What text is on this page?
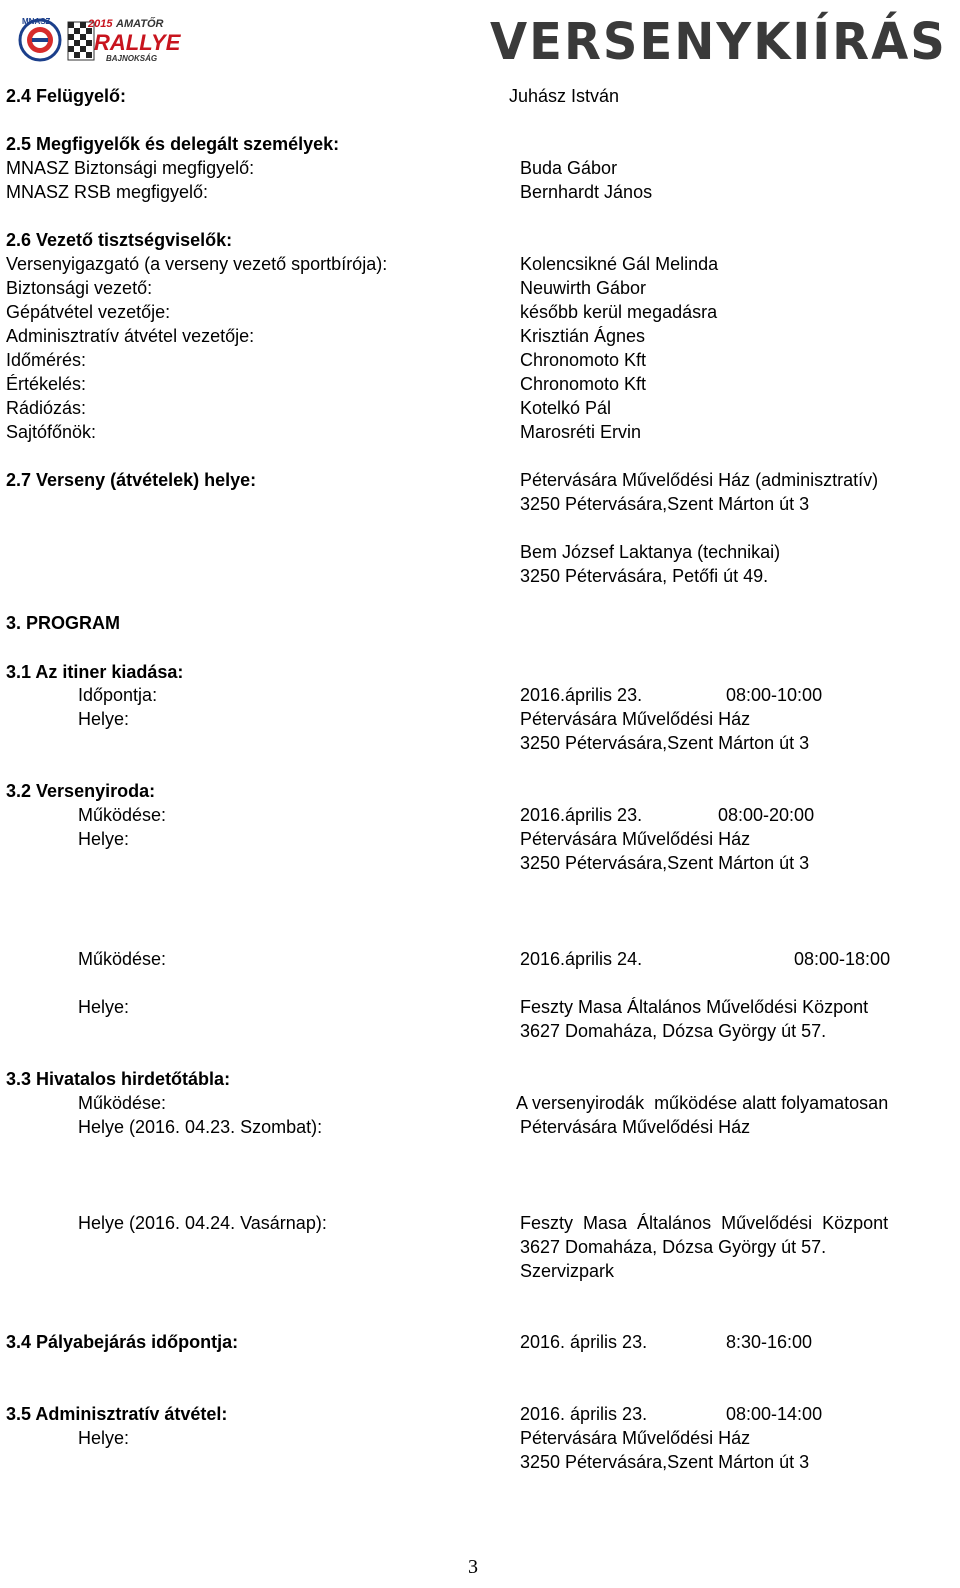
MNASZ	2015 AMATŐR
RALLYE
BAJNOKSÁG	VERSENYKIÍRÁS
2.4 Felügyelő:	Juhász István
2.5 Megfigyelők és delegált személyek:
MNASZ Biztonsági megfigyelő:	Buda Gábor
MNASZ RSB megfigyelő:	Bernhardt János
2.6 Vezető tisztségviselők:
Versenyigazgató (a verseny vezető sportbírója):	Kolencsikné Gál Melinda
Biztonsági vezető:	Neuwirth Gábor
Gépátvétel vezetője:	később kerül megadásra
Adminisztratív átvétel vezetője:	Krisztián Ágnes
Időmérés:	Chronomoto Kft
Értékelés:	Chronomoto Kft
Rádiózás:	Kotelkó Pál
Sajtófőnök:	Marosréti Ervin
2.7 Verseny (átvételek) helye:	Pétervására Művelődési Ház (adminisztratív)
3250 Pétervására,Szent Márton út 3
Bem József Laktanya (technikai)
3250 Pétervására, Petőfi út 49.
3. PROGRAM
3.1 Az itiner kiadása:
Időpontja:	2016.április 23.	08:00-10:00
Helye:	Pétervására Művelődési Ház
3250 Pétervására,Szent Márton út 3
3.2 Versenyiroda:
Működése:	2016.április 23.	08:00-20:00
Helye:	Pétervására Művelődési Ház
3250 Pétervására,Szent Márton út 3
Működése:	2016.április 24.	08:00-18:00
Helye:	Feszty Masa Általános Művelődési Központ
3627 Domaháza, Dózsa György út 57.
3.3 Hivatalos hirdetőtábla:
Működése:	A versenyirodák  működése alatt folyamatosan
Helye (2016. 04.23. Szombat):	Pétervására Művelődési Ház
Helye (2016. 04.24. Vasárnap):	Feszty  Masa  Általános  Művelődési  Központ
3627 Domaháza, Dózsa György út 57.
Szervizpark
3.4 Pályabejárás időpontja:	2016. április 23.	8:30-16:00
3.5 Adminisztratív átvétel:	2016. április 23.	08:00-14:00
Helye:	Pétervására Művelődési Ház
3250 Pétervására,Szent Márton út 3
3
